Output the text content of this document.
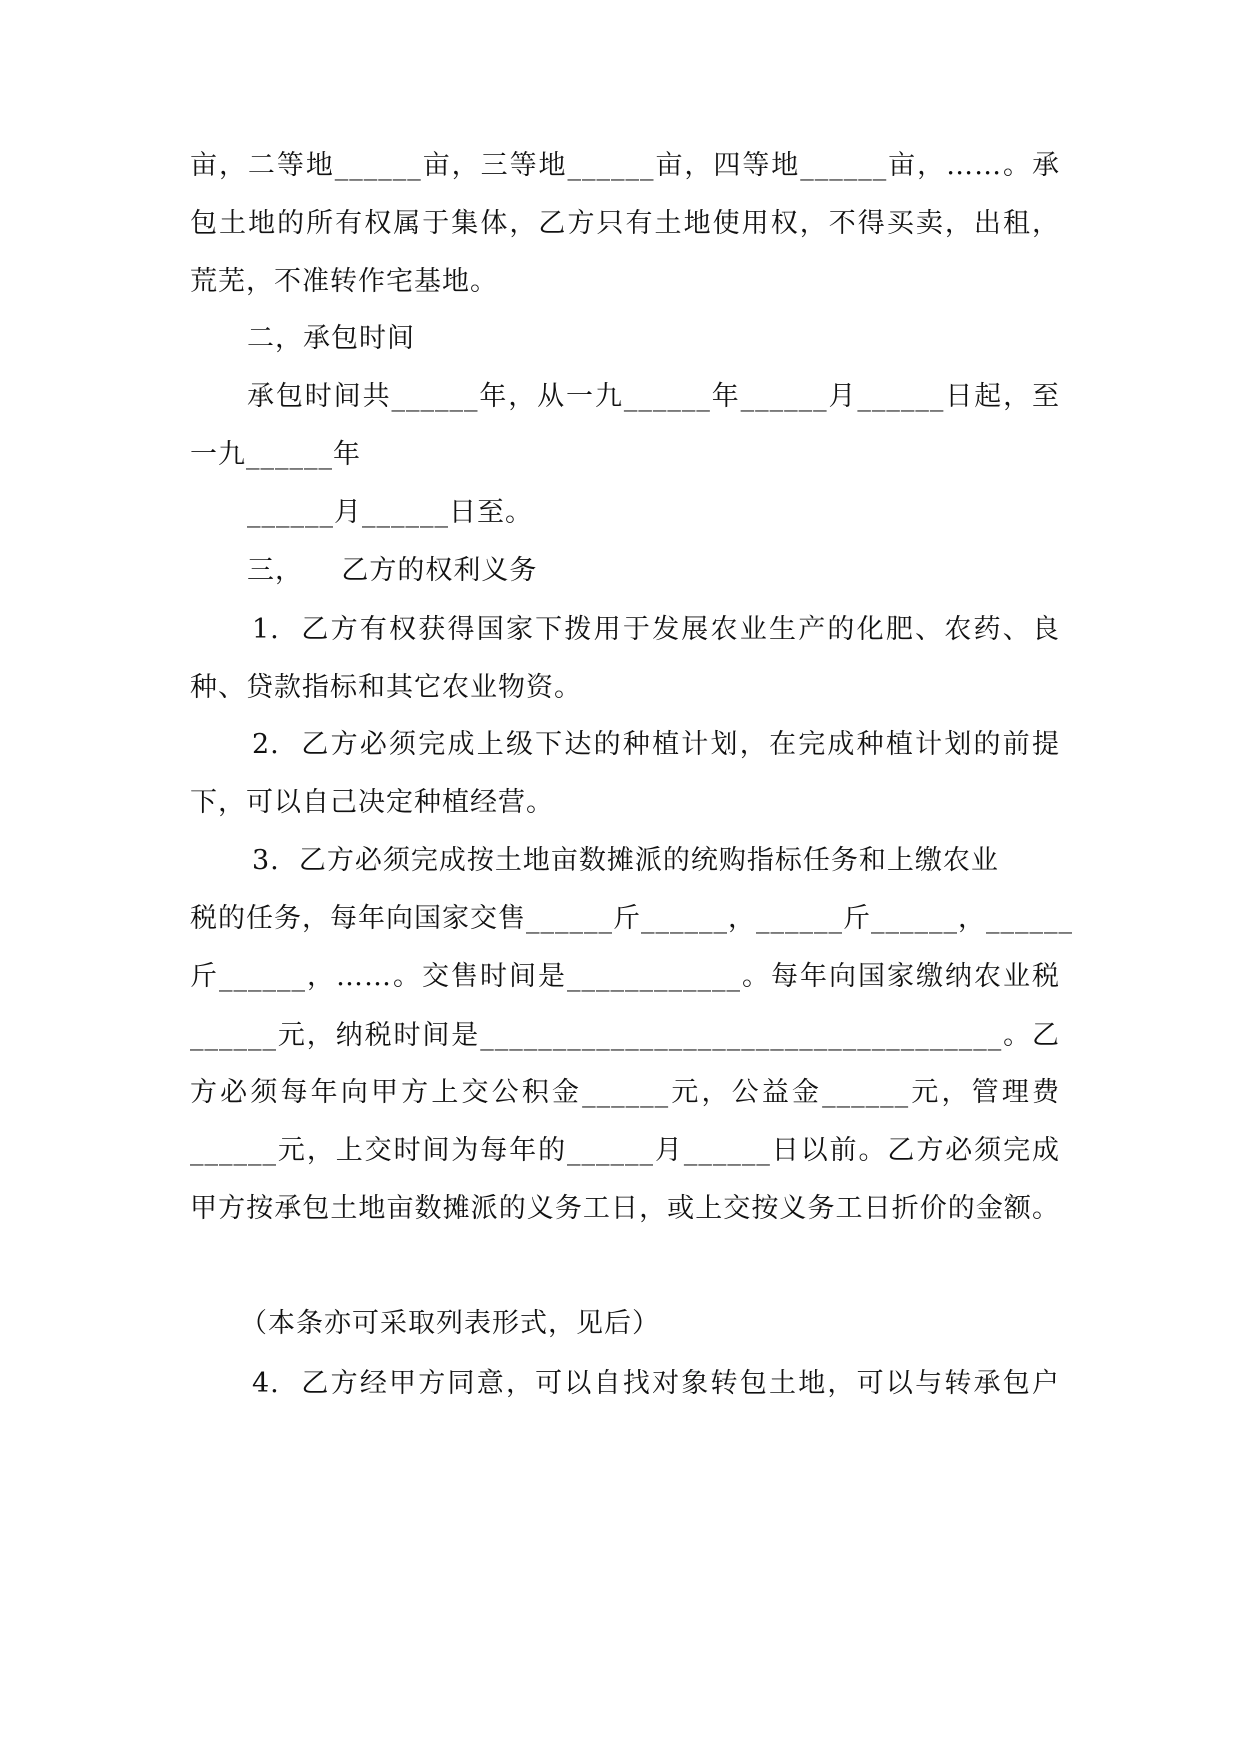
亩，二等地______亩，三等地______亩，四等地______亩，……。承
包土地的所有权属于集体，乙方只有土地使用权，不得买卖，出租，
荒芜，不准转作宅基地。
二，承包时间
承包时间共______年，从一九______年______月______日起，至
一九______年
______月______日至。
三，    乙方的权利义务
1.  乙方有权获得国家下拨用于发展农业生产的化肥、农药、良
种、贷款指标和其它农业物资。
2.  乙方必须完成上级下达的种植计划，在完成种植计划的前提
下，可以自己决定种植经营。
3.  乙方必须完成按土地亩数摊派的统购指标任务和上缴农业
税的任务，每年向国家交售______斤______，______斤______，______
斤______，……。交售时间是____________。每年向国家缴纳农业税
______元，纳税时间是____________________________________。乙
方必须每年向甲方上交公积金______元，公益金______元，管理费
______元，上交时间为每年的______月______日以前。乙方必须完成
甲方按承包土地亩数摊派的义务工日，或上交按义务工日折价的金额。
（本条亦可采取列表形式，见后）
4.  乙方经甲方同意，可以自找对象转包土地，可以与转承包户
